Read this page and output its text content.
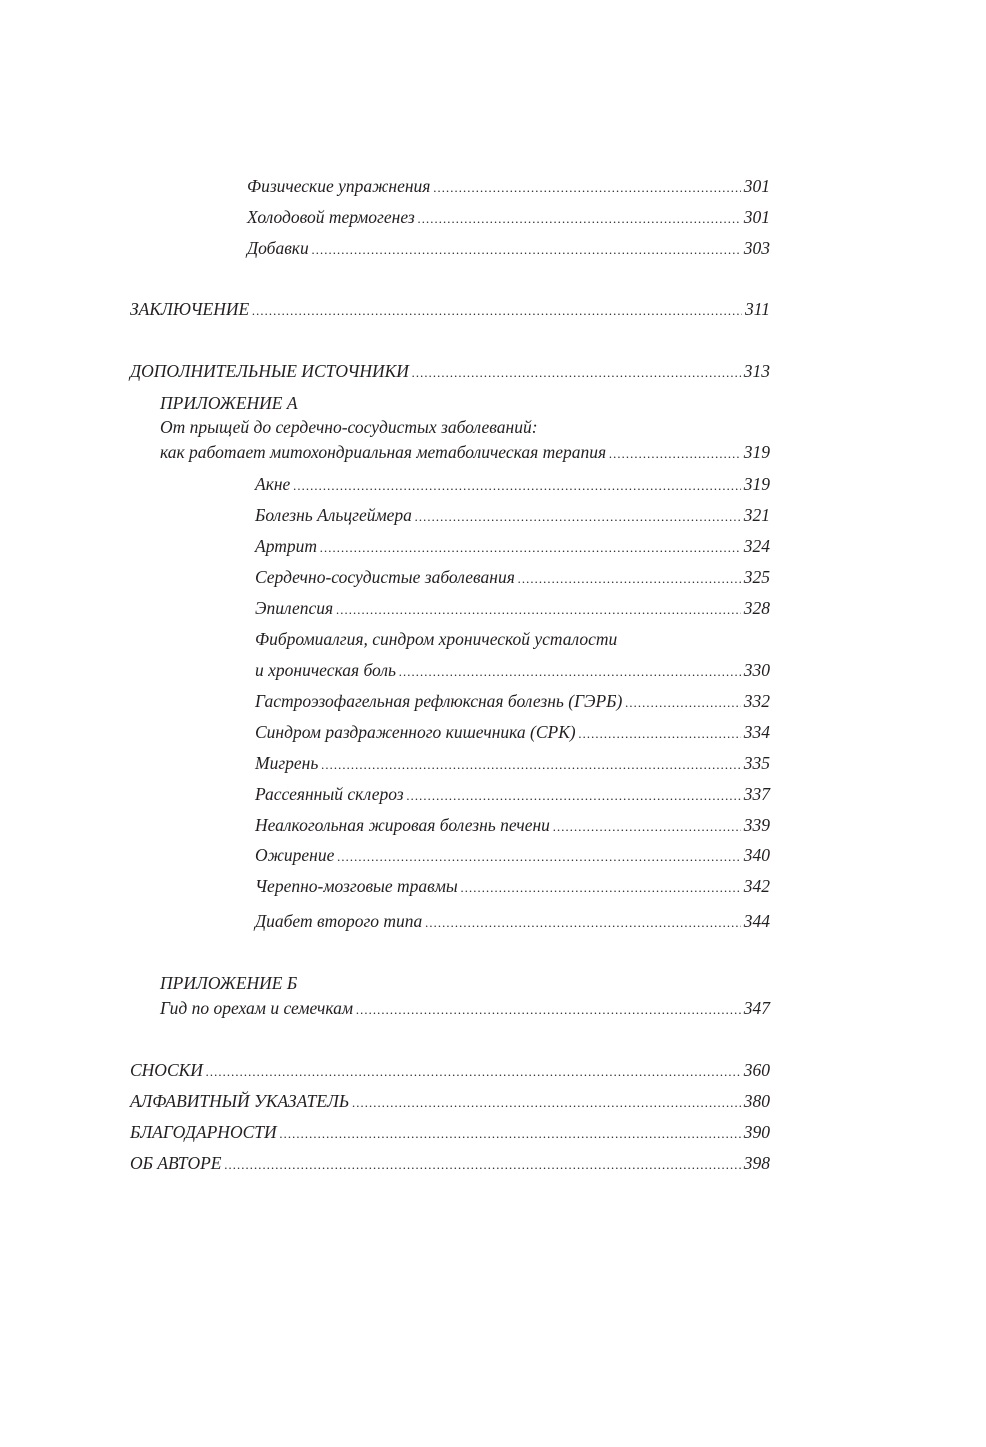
Физические упражнения .....	301
Холодовой термогенез .....	301
Добавки .....	303
ЗАКЛЮЧЕНИЕ .....	311
ДОПОЛНИТЕЛЬНЫЕ ИСТОЧНИКИ .....	313
ПРИЛОЖЕНИЕ А
От прыщей до сердечно-сосудистых заболеваний:
как работает митохондриальная метаболическая терапия .....	319
Акне .....	319
Болезнь Альцгеймера .....	321
Артрит .....	324
Сердечно-сосудистые заболевания .....	325
Эпилепсия .....	328
Фибромиалгия, синдром хронической усталости
и хроническая боль .....	330
Гастроэзофагельная рефлюксная болезнь (ГЭРБ) .....	332
Синдром раздраженного кишечника (СРК) .....	334
Мигрень .....	335
Рассеянный склероз .....	337
Неалкогольная жировая болезнь печени .....	339
Ожирение .....	340
Черепно-мозговые травмы .....	342
Диабет второго типа .....	344
ПРИЛОЖЕНИЕ Б
Гид по орехам и семечкам .....	347
СНОСКИ .....	360
АЛФАВИТНЫЙ УКАЗАТЕЛЬ .....	380
БЛАГОДАРНОСТИ .....	390
ОБ АВТОРЕ .....	398
